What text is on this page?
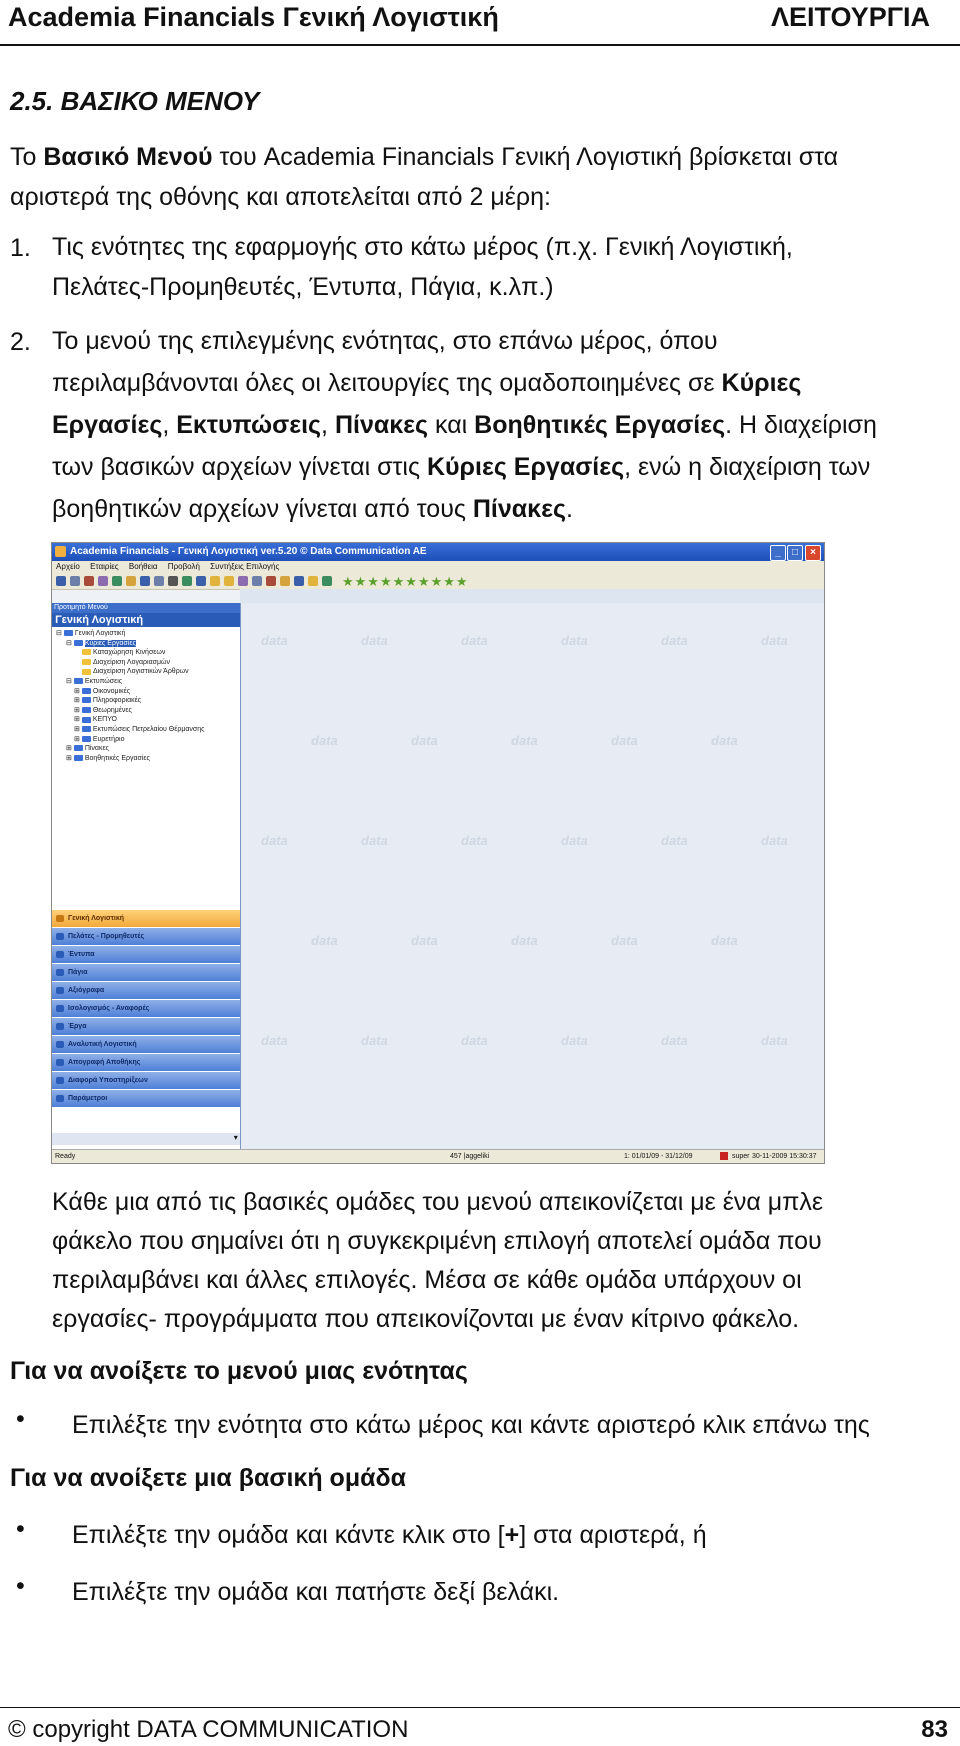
Academia Financials Γενική Λογιστική	ΛΕΙΤΟΥΡΓΙΑ
2.5. ΒΑΣΙΚΟ ΜΕΝΟΥ
Το Βασικό Μενού του Academia Financials Γενική Λογιστική βρίσκεται στα
αριστερά της οθόνης και αποτελείται από 2 μέρη:
1. Τις ενότητες της εφαρμογής στο κάτω μέρος (π.χ. Γενική Λογιστική,
Πελάτες-Προμηθευτές, Έντυπα, Πάγια, κ.λπ.)
2. Το μενού της επιλεγμένης ενότητας, στο επάνω μέρος, όπου
περιλαμβάνονται όλες οι λειτουργίες της ομαδοποιημένες σε Κύριες
Εργασίες, Εκτυπώσεις, Πίνακες και Βοηθητικές Εργασίες. Η διαχείριση
των βασικών αρχείων γίνεται στις Κύριες Εργασίες, ενώ η διαχείριση των
βοηθητικών αρχείων γίνεται από τους Πίνακες.
Academia Financials - Γενική Λογιστική ver.5.20 © Data Communication AE	_	□	×
Αρχείο Εταιρίες Βοήθεια Προβολή Συντήξεις Επιλογής
★★★★★★★★★★
Προτιμητό Μενού
Γενική Λογιστική
⊟ Γενική Λογιστική
⊟ Κύριες Εργασίες
Καταχώρηση Κινήσεων
Διαχείριση Λογαριασμών
Διαχείριση Λογιστικών Άρθρων
⊟ Εκτυπώσεις
⊞ Οικονομικές
⊞ Πληροφοριακές
⊞ Θεωρημένες
⊞ ΚΕΠΥΟ
⊞ Εκτυπώσεις Πετρελαίου Θέρμανσης
⊞ Ευρετήριο
⊞ Πίνακες
⊞ Βοηθητικές Εργασίες
Γενική Λογιστική
Πελάτες - Προμηθευτές
Έντυπα
Πάγια
Αξιόγραφα
Ισολογισμός - Αναφορές
Έργα
Αναλυτική Λογιστική
Απογραφή Αποθήκης
Διαφορά Υποστηρίξεων
Παράμετροι
▾
data	data	data	data	data	data
data	data	data	data	data
data	data	data	data	data	data
data	data	data	data	data
data	data	data	data	data	data
Ready	457 |aggeliki	1: 01/01/09 - 31/12/09	super 30-11-2009 15:30:37
Κάθε μια από τις βασικές ομάδες του μενού απεικονίζεται με ένα μπλε
φάκελο που σημαίνει ότι η συγκεκριμένη επιλογή αποτελεί ομάδα που
περιλαμβάνει και άλλες επιλογές. Μέσα σε κάθε ομάδα υπάρχουν οι
εργασίες- προγράμματα που απεικονίζονται με έναν κίτρινο φάκελο.
Για να ανοίξετε το μενού μιας ενότητας
• Επιλέξτε την ενότητα στο κάτω μέρος και κάντε αριστερό κλικ επάνω της
Για να ανοίξετε μια βασική ομάδα
• Επιλέξτε την ομάδα και κάντε κλικ στο [+] στα αριστερά, ή
• Επιλέξτε την ομάδα και πατήστε δεξί βελάκι.
© copyright DATA COMMUNICATION	83
